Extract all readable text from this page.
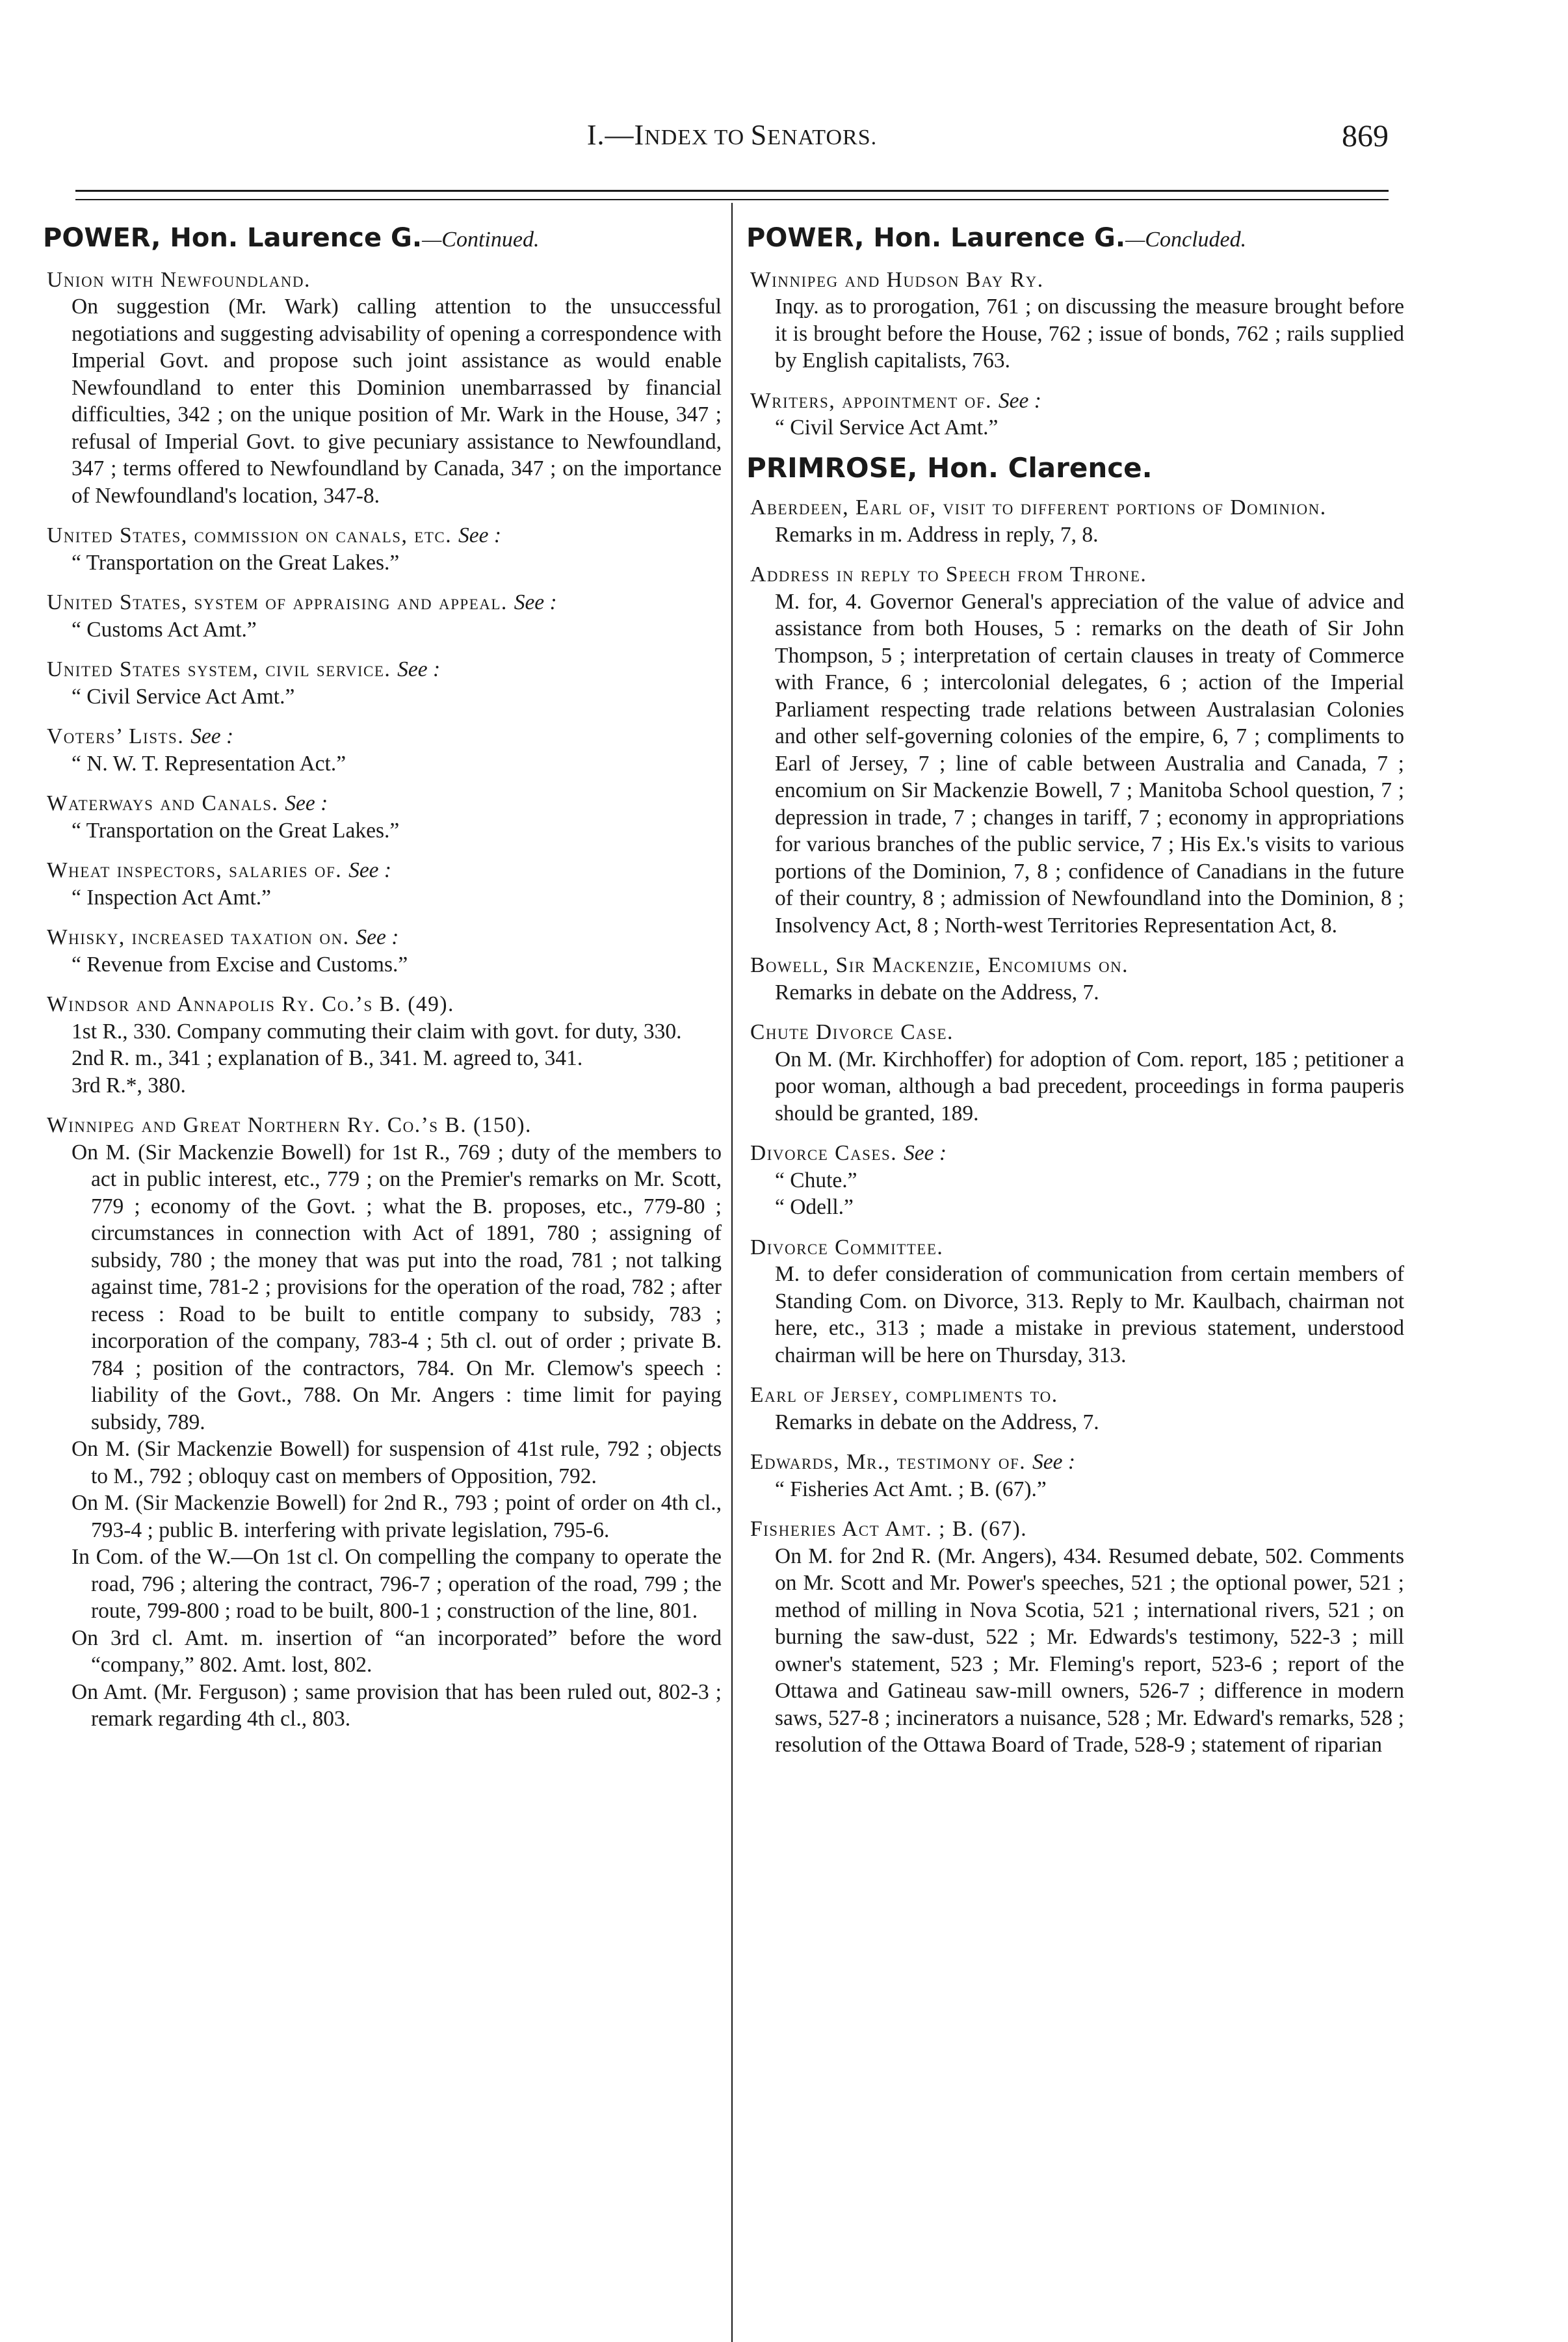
I.—INDEX TO SENATORS.	869
POWER, Hon. Laurence G.—Continued.
Union with Newfoundland.
On suggestion (Mr. Wark) calling attention to the unsuccessful negotiations and suggesting advisability of opening a correspondence with Imperial Govt. and propose such joint assistance as would enable Newfoundland to enter this Dominion unembarrassed by financial difficulties, 342 ; on the unique position of Mr. Wark in the House, 347 ; refusal of Imperial Govt. to give pecuniary assistance to Newfoundland, 347 ; terms offered to Newfoundland by Canada, 347 ; on the importance of Newfoundland's location, 347-8.
United States, commission on canals, etc. See :
“ Transportation on the Great Lakes.”
United States, system of appraising and appeal. See :
“ Customs Act Amt.”
United States system, civil service. See :
“ Civil Service Act Amt.”
Voters’ Lists. See :
“ N. W. T. Representation Act.”
Waterways and Canals. See :
“ Transportation on the Great Lakes.”
Wheat inspectors, salaries of. See :
“ Inspection Act Amt.”
Whisky, increased taxation on. See :
“ Revenue from Excise and Customs.”
Windsor and Annapolis Ry. Co.’s B. (49).
1st R., 330. Company commuting their claim with govt. for duty, 330.
2nd R. m., 341 ; explanation of B., 341. M. agreed to, 341.
3rd R.*, 380.
Winnipeg and Great Northern Ry. Co.’s B. (150).
On M. (Sir Mackenzie Bowell) for 1st R., 769 ; duty of the members to act in public interest, etc., 779 ; on the Premier's remarks on Mr. Scott, 779 ; economy of the Govt. ; what the B. proposes, etc., 779-80 ; circumstances in connection with Act of 1891, 780 ; assigning of subsidy, 780 ; the money that was put into the road, 781 ; not talking against time, 781-2 ; provisions for the operation of the road, 782 ; after recess : Road to be built to entitle company to subsidy, 783 ; incorporation of the company, 783-4 ; 5th cl. out of order ; private B. 784 ; position of the contractors, 784. On Mr. Clemow's speech : liability of the Govt., 788. On Mr. Angers : time limit for paying subsidy, 789.
On M. (Sir Mackenzie Bowell) for suspension of 41st rule, 792 ; objects to M., 792 ; obloquy cast on members of Opposition, 792.
On M. (Sir Mackenzie Bowell) for 2nd R., 793 ; point of order on 4th cl., 793-4 ; public B. interfering with private legislation, 795-6.
In Com. of the W.—On 1st cl. On compelling the company to operate the road, 796 ; altering the contract, 796-7 ; operation of the road, 799 ; the route, 799-800 ; road to be built, 800-1 ; construction of the line, 801.
On 3rd cl. Amt. m. insertion of “an incorporated” before the word “company,” 802. Amt. lost, 802.
On Amt. (Mr. Ferguson) ; same provision that has been ruled out, 802-3 ; remark regarding 4th cl., 803.
POWER, Hon. Laurence G.—Concluded.
Winnipeg and Hudson Bay Ry.
Inqy. as to prorogation, 761 ; on discussing the measure brought before it is brought before the House, 762 ; issue of bonds, 762 ; rails supplied by English capitalists, 763.
Writers, appointment of. See :
“ Civil Service Act Amt.”
PRIMROSE, Hon. Clarence.
Aberdeen, Earl of, visit to different portions of Dominion.
Remarks in m. Address in reply, 7, 8.
Address in reply to Speech from Throne.
M. for, 4. Governor General's appreciation of the value of advice and assistance from both Houses, 5 : remarks on the death of Sir John Thompson, 5 ; interpretation of certain clauses in treaty of Commerce with France, 6 ; intercolonial delegates, 6 ; action of the Imperial Parliament respecting trade relations between Australasian Colonies and other self-governing colonies of the empire, 6, 7 ; compliments to Earl of Jersey, 7 ; line of cable between Australia and Canada, 7 ; encomium on Sir Mackenzie Bowell, 7 ; Manitoba School question, 7 ; depression in trade, 7 ; changes in tariff, 7 ; economy in appropriations for various branches of the public service, 7 ; His Ex.'s visits to various portions of the Dominion, 7, 8 ; confidence of Canadians in the future of their country, 8 ; admission of Newfoundland into the Dominion, 8 ; Insolvency Act, 8 ; North-west Territories Representation Act, 8.
Bowell, Sir Mackenzie, Encomiums on.
Remarks in debate on the Address, 7.
Chute Divorce Case.
On M. (Mr. Kirchhoffer) for adoption of Com. report, 185 ; petitioner a poor woman, although a bad precedent, proceedings in forma pauperis should be granted, 189.
Divorce Cases. See :
“ Chute.”
“ Odell.”
Divorce Committee.
M. to defer consideration of communication from certain members of Standing Com. on Divorce, 313. Reply to Mr. Kaulbach, chairman not here, etc., 313 ; made a mistake in previous statement, understood chairman will be here on Thursday, 313.
Earl of Jersey, compliments to.
Remarks in debate on the Address, 7.
Edwards, Mr., testimony of. See :
“ Fisheries Act Amt. ; B. (67).”
Fisheries Act Amt. ; B. (67).
On M. for 2nd R. (Mr. Angers), 434. Resumed debate, 502. Comments on Mr. Scott and Mr. Power's speeches, 521 ; the optional power, 521 ; method of milling in Nova Scotia, 521 ; international rivers, 521 ; on burning the saw-dust, 522 ; Mr. Edwards's testimony, 522-3 ; mill owner's statement, 523 ; Mr. Fleming's report, 523-6 ; report of the Ottawa and Gatineau saw-mill owners, 526-7 ; difference in modern saws, 527-8 ; incinerators a nuisance, 528 ; Mr. Edward's remarks, 528 ; resolution of the Ottawa Board of Trade, 528-9 ; statement of riparian
